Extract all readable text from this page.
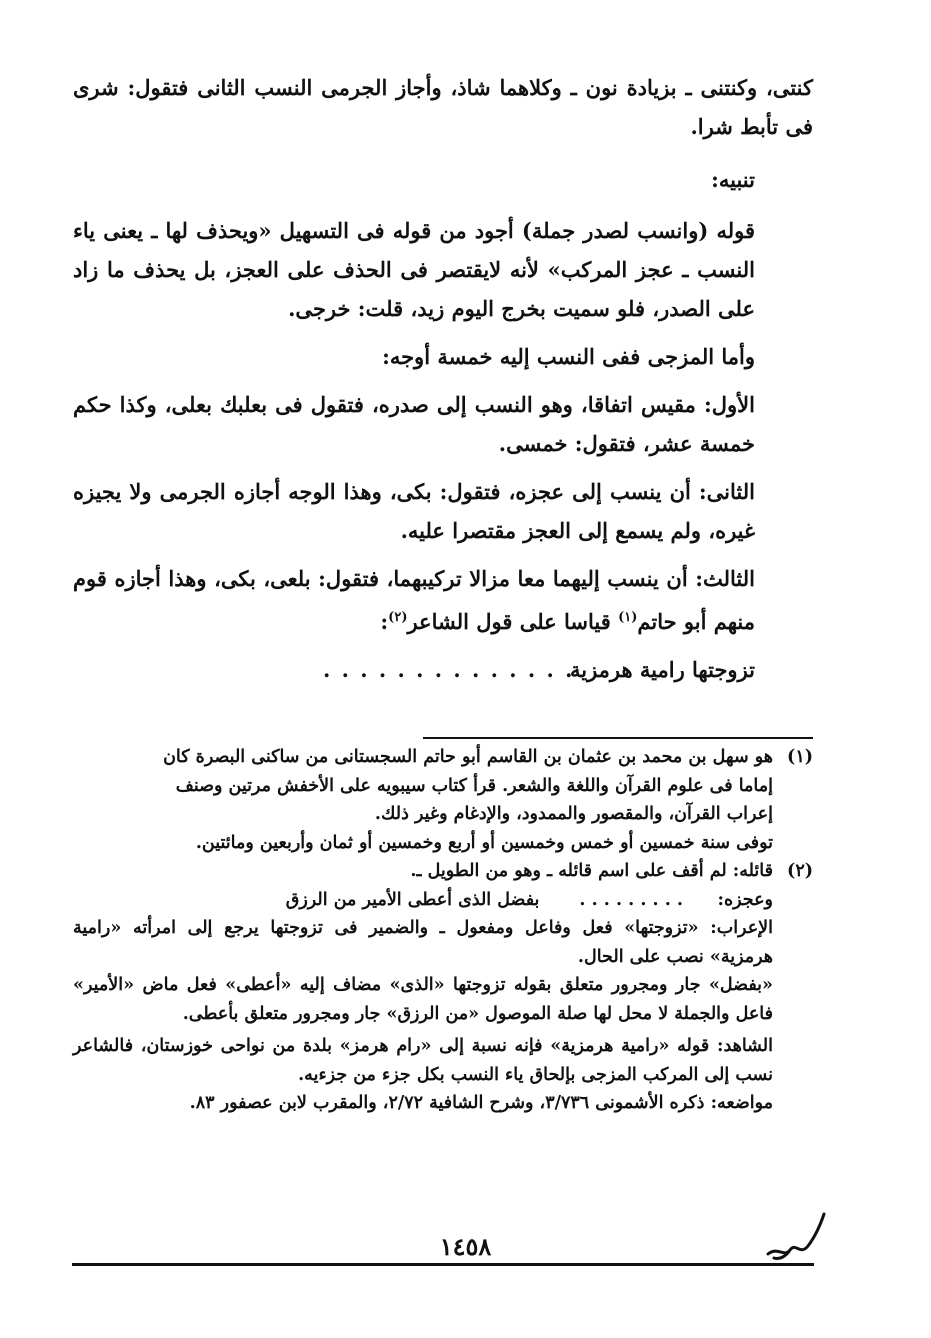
كنتى، وكنتنى ـ بزيادة نون ـ وكلاهما شاذ، وأجاز الجرمى النسب الثانى فتقول: شرى فى تأبط شرا.

تنبيه:

قوله (وانسب لصدر جملة) أجود من قوله فى التسهيل «ويحذف لها ـ يعنى ياء النسب ـ عجز المركب» لأنه لايقتصر فى الحذف على العجز، بل يحذف ما زاد على الصدر، فلو سميت بخرج اليوم زيد، قلت: خرجى.

وأما المزجى ففى النسب إليه خمسة أوجه:

الأول: مقيس اتفاقا، وهو النسب إلى صدره، فتقول فى بعلبك بعلى، وكذا حكم خمسة عشر، فتقول: خمسى.

الثانى: أن ينسب إلى عجزه، فتقول: بكى، وهذا الوجه أجازه الجرمى ولا يجيزه غيره، ولم يسمع إلى العجز مقتصرا عليه.

الثالث: أن ينسب إليهما معا مزالا تركيبهما، فتقول: بلعى، بكى، وهذا أجازه قوم منهم أبو حاتم$^{(١)}$ قياسا على قول الشاعر$^{(٢)}$:

تزوجتها رامية هرمزية
. . . . . . . . . . . . . .
(١)
هو سهل بن محمد بن عثمان بن القاسم أبو حاتم السجستانى من ساكنى البصرة كان

إماما فى علوم القرآن واللغة والشعر. قرأ كتاب سيبويه على الأخفش مرتين وصنف

إعراب القرآن، والمقصور والممدود، والإدغام وغير ذلك.

توفى سنة خمسين أو خمس وخمسين أو أربع وخمسين أو ثمان وأربعين ومائتين.

(٢)
قائله: لم أقف على اسم قائله ـ وهو من الطويل ـ.

وعجزه:. . . . . . . . .بفضل الذى أعطى الأمير من الرزق

الإعراب: «تزوجتها» فعل وفاعل ومفعول ـ والضمير فى تزوجتها يرجع إلى امرأته «رامية هرمزية» نصب على الحال.

«بفضل» جار ومجرور متعلق بقوله تزوجتها «الذى» مضاف إليه «أعطى» فعل ماض «الأمير» فاعل والجملة لا محل لها صلة الموصول «من الرزق» جار ومجرور متعلق بأعطى.

الشاهد: قوله «رامية هرمزية» فإنه نسبة إلى «رام هرمز» بلدة من نواحى خوزستان، فالشاعر نسب إلى المركب المزجى بإلحاق ياء النسب بكل جزء من جزءيه.

مواضعه: ذكره الأشمونى ٣/٧٣٦، وشرح الشافية ٢/٧٢، والمقرب لابن عصفور ٨٣.

١٤٥٨
